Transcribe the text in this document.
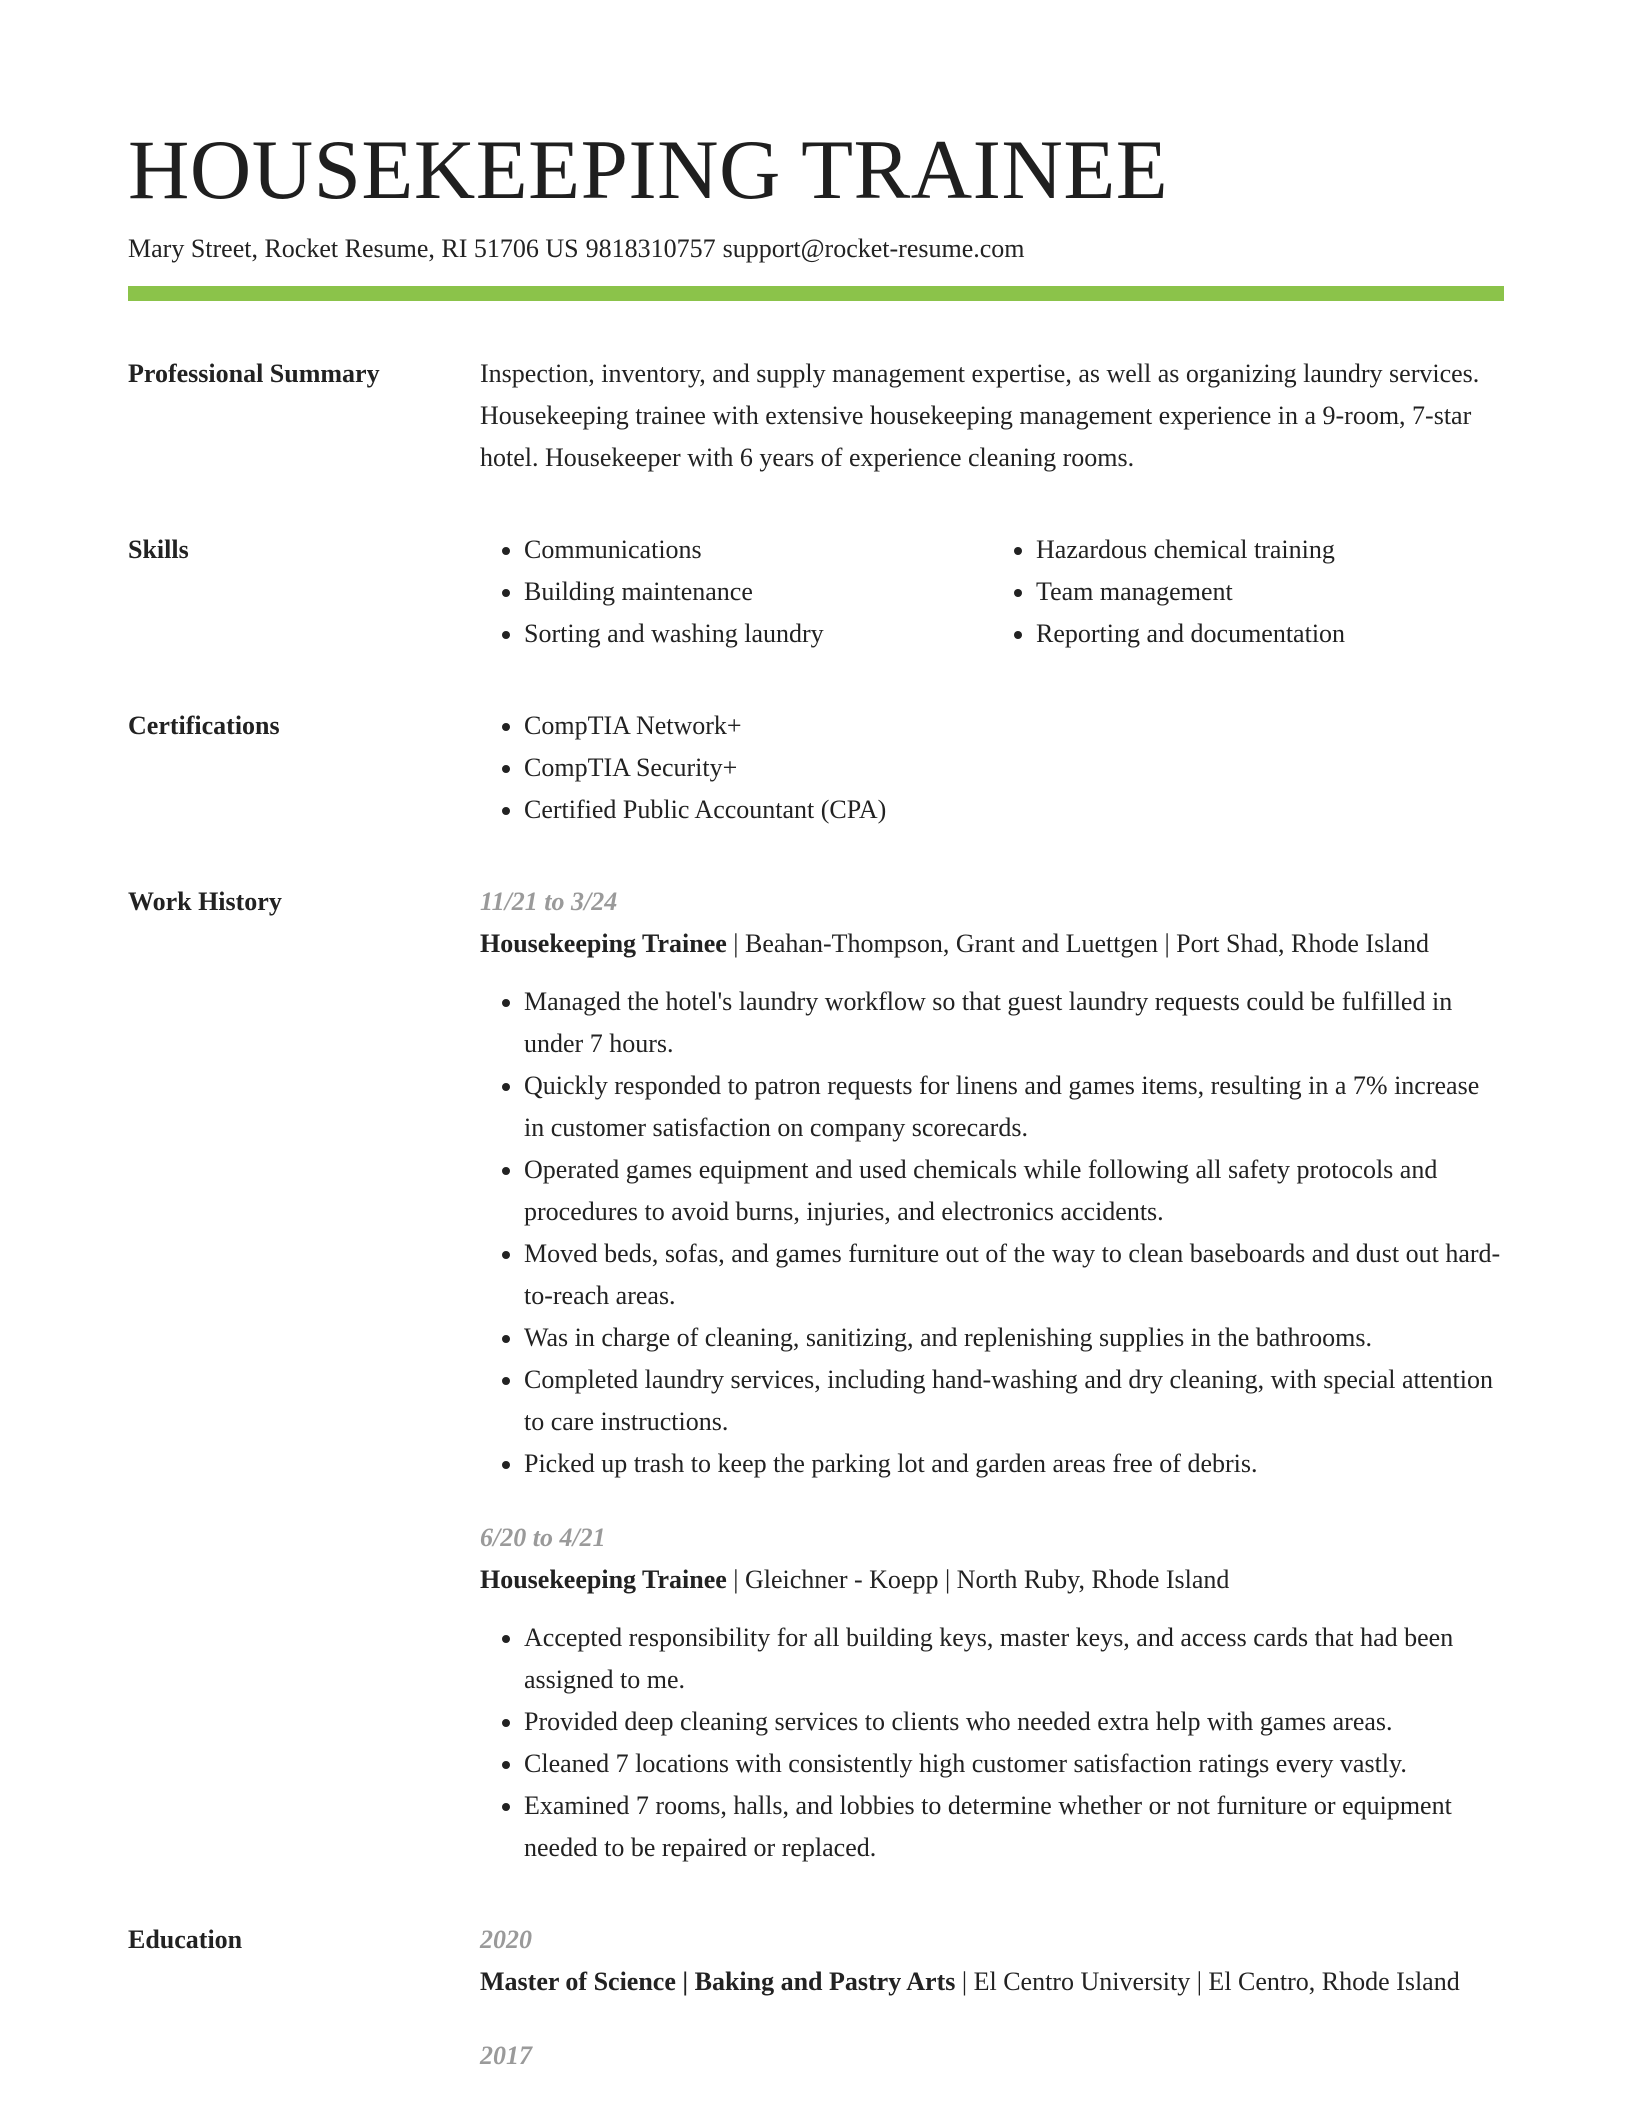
HOUSEKEEPING TRAINEE
Mary Street, Rocket Resume, RI 51706 US 9818310757 support@rocket-resume.com
Professional Summary	Inspection, inventory, and supply management expertise, as well as organizing laundry services. Housekeeping trainee with extensive housekeeping management experience in a 9-room, 7-star hotel. Housekeeper with 6 years of experience cleaning rooms.

Skills	• Communications
• Building maintenance
• Sorting and washing laundry
• Hazardous chemical training
• Team management
• Reporting and documentation
Certifications	• CompTIA Network+
• CompTIA Security+
• Certified Public Accountant (CPA)
Work History	11/21 to 3/24
Housekeeping Trainee | Beahan-Thompson, Grant and Luettgen | Port Shad, Rhode Island
• Managed the hotel's laundry workflow so that guest laundry requests could be fulfilled in under 7 hours.
• Quickly responded to patron requests for linens and games items, resulting in a 7% increase in customer satisfaction on company scorecards.
• Operated games equipment and used chemicals while following all safety protocols and procedures to avoid burns, injuries, and electronics accidents.
• Moved beds, sofas, and games furniture out of the way to clean baseboards and dust out hard-to-reach areas.
• Was in charge of cleaning, sanitizing, and replenishing supplies in the bathrooms.
• Completed laundry services, including hand-washing and dry cleaning, with special attention to care instructions.
• Picked up trash to keep the parking lot and garden areas free of debris.
6/20 to 4/21
Housekeeping Trainee | Gleichner - Koepp | North Ruby, Rhode Island
• Accepted responsibility for all building keys, master keys, and access cards that had been assigned to me.
• Provided deep cleaning services to clients who needed extra help with games areas.
• Cleaned 7 locations with consistently high customer satisfaction ratings every vastly.
• Examined 7 rooms, halls, and lobbies to determine whether or not furniture or equipment needed to be repaired or replaced.
Education	2020
Master of Science | Baking and Pastry Arts | El Centro University | El Centro, Rhode Island
2017
